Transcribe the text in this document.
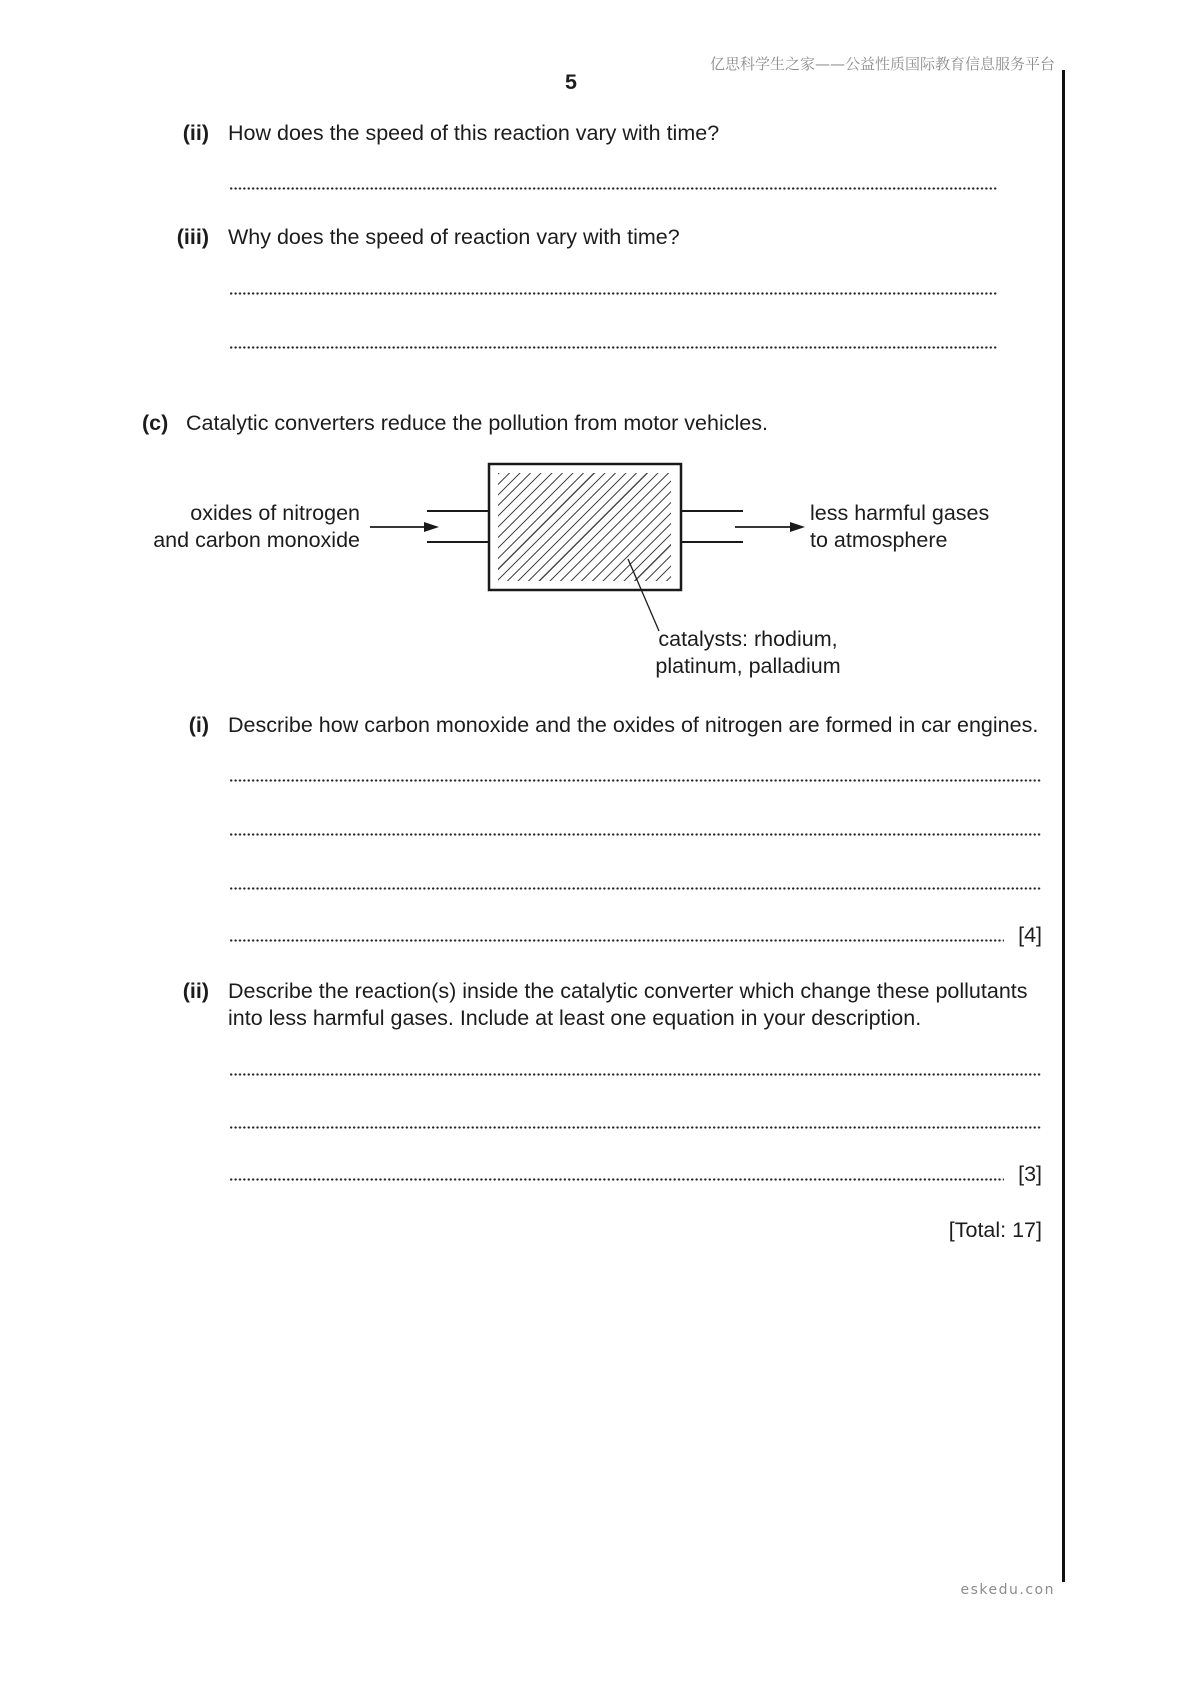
亿思科学生之家——公益性质国际教育信息服务平台
5
(ii) How does the speed of this reaction vary with time?
(iii) Why does the speed of reaction vary with time?
(c) Catalytic converters reduce the pollution from motor vehicles.
oxides of nitrogen
and carbon monoxide
less harmful gases
to atmosphere
catalysts: rhodium,
platinum, palladium
(i) Describe how carbon monoxide and the oxides of nitrogen are formed in car engines.
[4]
(ii) Describe the reaction(s) inside the catalytic converter which change these pollutants
into less harmful gases. Include at least one equation in your description.
[3]
[Total: 17]
eskedu.con
